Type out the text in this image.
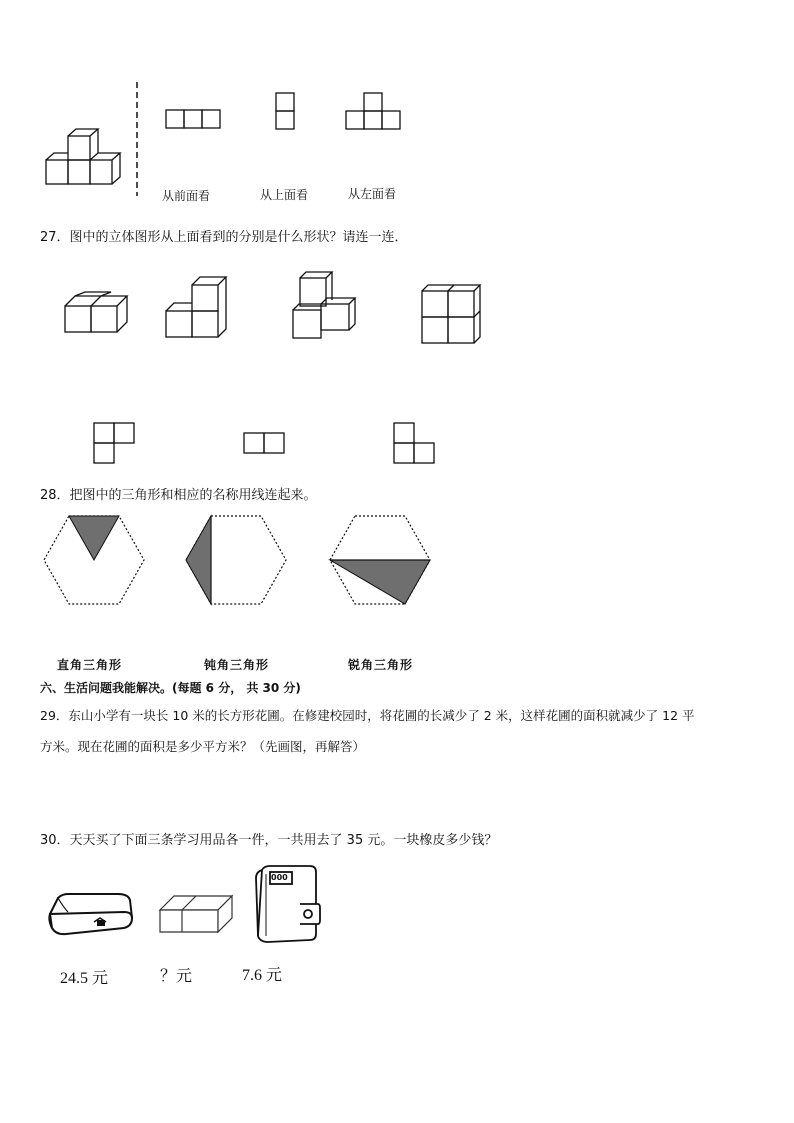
从前面看	从上面看	从左面看
27．图中的立体图形从上面看到的分别是什么形状？请连一连．
28．把图中的三角形和相应的名称用线连起来。
直角三角形	钝角三角形	锐角三角形
六、生活问题我能解决。(每题 6 分， 共 30 分)
29．东山小学有一块长 10 米的长方形花圃。在修建校园时，将花圃的长减少了 2 米，这样花圃的面积就减少了 12 平
方米。现在花圃的面积是多少平方米？（先画图，再解答）
30．天天买了下面三条学习用品各一件，一共用去了 35 元。一块橡皮多少钱？
000
24.5 元	？元	7.6 元
